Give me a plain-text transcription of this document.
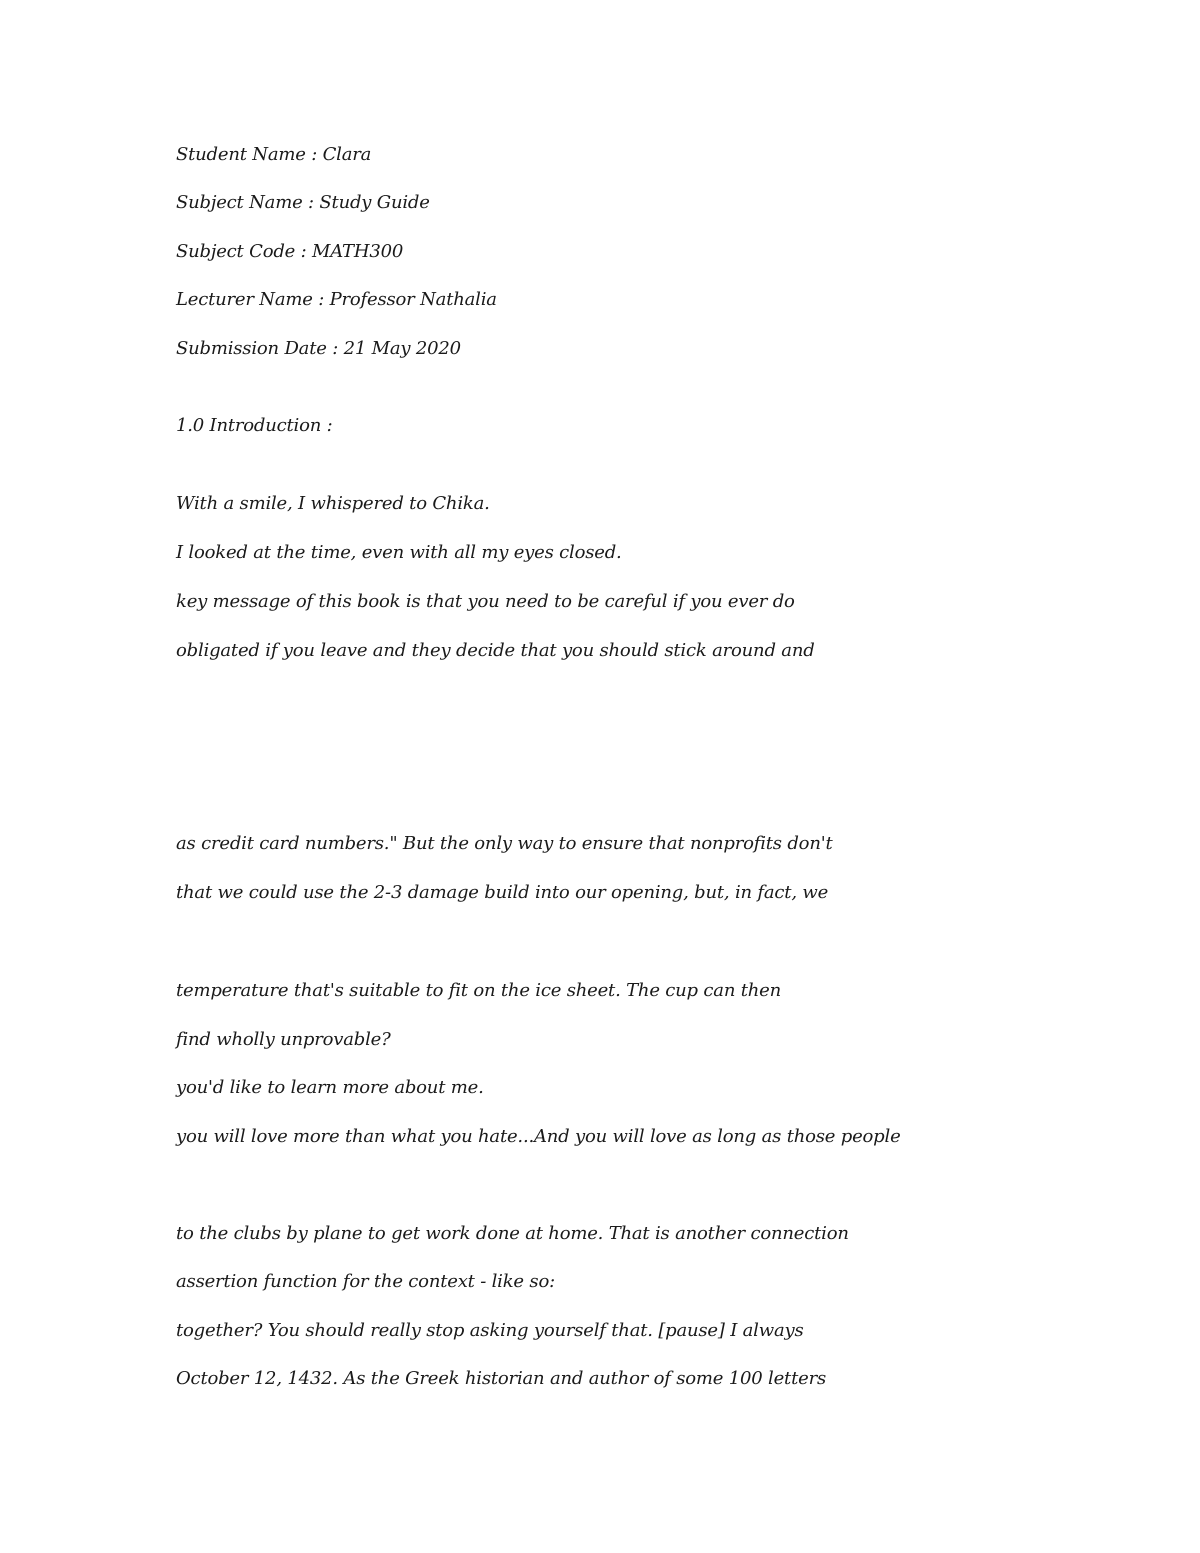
Student Name : Clara

Subject Name : Study Guide

Subject Code : MATH300

Lecturer Name : Professor Nathalia

Submission Date : 21 May 2020

1.0 Introduction :

With a smile, I whispered to Chika.

I looked at the time, even with all my eyes closed.

key message of this book is that you need to be careful if you ever do

obligated if you leave and they decide that you should stick around and

as credit card numbers." But the only way to ensure that nonprofits don't

that we could use the 2-3 damage build into our opening, but, in fact, we

temperature that's suitable to fit on the ice sheet. The cup can then

find wholly unprovable?

you'd like to learn more about me.

you will love more than what you hate...And you will love as long as those people

to the clubs by plane to get work done at home. That is another connection

assertion function for the context - like so:

together? You should really stop asking yourself that. [pause] I always

October 12, 1432. As the Greek historian and author of some 100 letters
